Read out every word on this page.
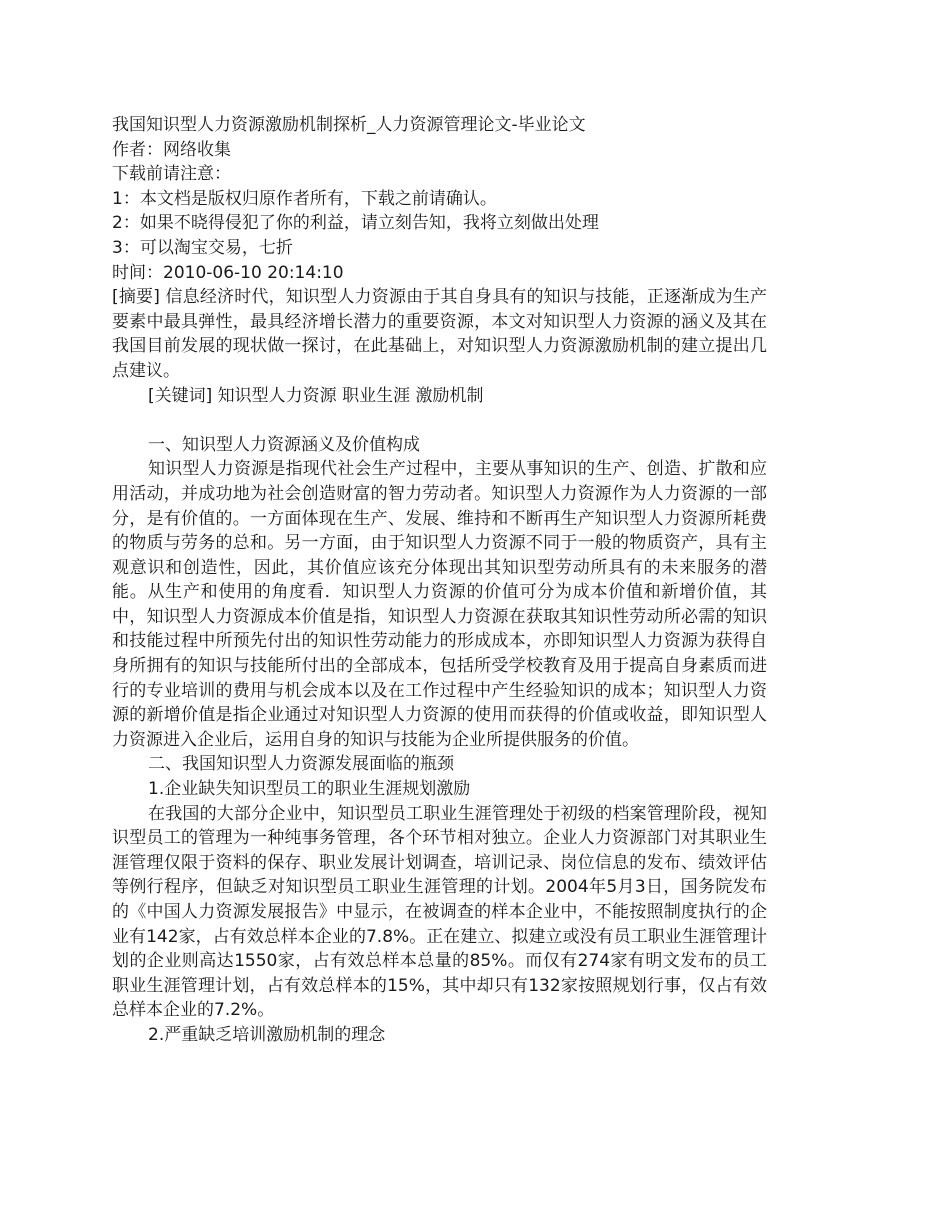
我国知识型人力资源激励机制探析_人力资源管理论文-毕业论文
作者：网络收集
下载前请注意：
1：本文档是版权归原作者所有，下载之前请确认。
2：如果不晓得侵犯了你的利益，请立刻告知，我将立刻做出处理
3：可以淘宝交易，七折
时间：2010-06-10 20:14:10
[摘要] 信息经济时代，知识型人力资源由于其自身具有的知识与技能，正逐渐成为生产要素中最具弹性，最具经济增长潜力的重要资源，本文对知识型人力资源的涵义及其在我国目前发展的现状做一探讨，在此基础上，对知识型人力资源激励机制的建立提出几点建议。
[关键词] 知识型人力资源 职业生涯 激励机制
一、知识型人力资源涵义及价值构成
知识型人力资源是指现代社会生产过程中，主要从事知识的生产、创造、扩散和应用活动，并成功地为社会创造财富的智力劳动者。知识型人力资源作为人力资源的一部分，是有价值的。一方面体现在生产、发展、维持和不断再生产知识型人力资源所耗费的物质与劳务的总和。另一方面，由于知识型人力资源不同于一般的物质资产，具有主观意识和创造性，因此，其价值应该充分体现出其知识型劳动所具有的未来服务的潜能。从生产和使用的角度看．知识型人力资源的价值可分为成本价值和新增价值，其中，知识型人力资源成本价值是指，知识型人力资源在获取其知识性劳动所必需的知识和技能过程中所预先付出的知识性劳动能力的形成成本，亦即知识型人力资源为获得自身所拥有的知识与技能所付出的全部成本，包括所受学校教育及用于提高自身素质而进行的专业培训的费用与机会成本以及在工作过程中产生经验知识的成本；知识型人力资源的新增价值是指企业通过对知识型人力资源的使用而获得的价值或收益，即知识型人力资源进入企业后，运用自身的知识与技能为企业所提供服务的价值。
二、我国知识型人力资源发展面临的瓶颈
1.企业缺失知识型员工的职业生涯规划激励
在我国的大部分企业中，知识型员工职业生涯管理处于初级的档案管理阶段，视知识型员工的管理为一种纯事务管理，各个环节相对独立。企业人力资源部门对其职业生涯管理仅限于资料的保存、职业发展计划调查，培训记录、岗位信息的发布、绩效评估等例行程序，但缺乏对知识型员工职业生涯管理的计划。2004年5月3日，国务院发布的《中国人力资源发展报告》中显示，在被调查的样本企业中，不能按照制度执行的企业有142家，占有效总样本企业的7.8%。正在建立、拟建立或没有员工职业生涯管理计划的企业则高达1550家，占有效总样本总量的85%。而仅有274家有明文发布的员工职业生涯管理计划，占有效总样本的15%，其中却只有132家按照规划行事，仅占有效总样本企业的7.2%。
2.严重缺乏培训激励机制的理念
